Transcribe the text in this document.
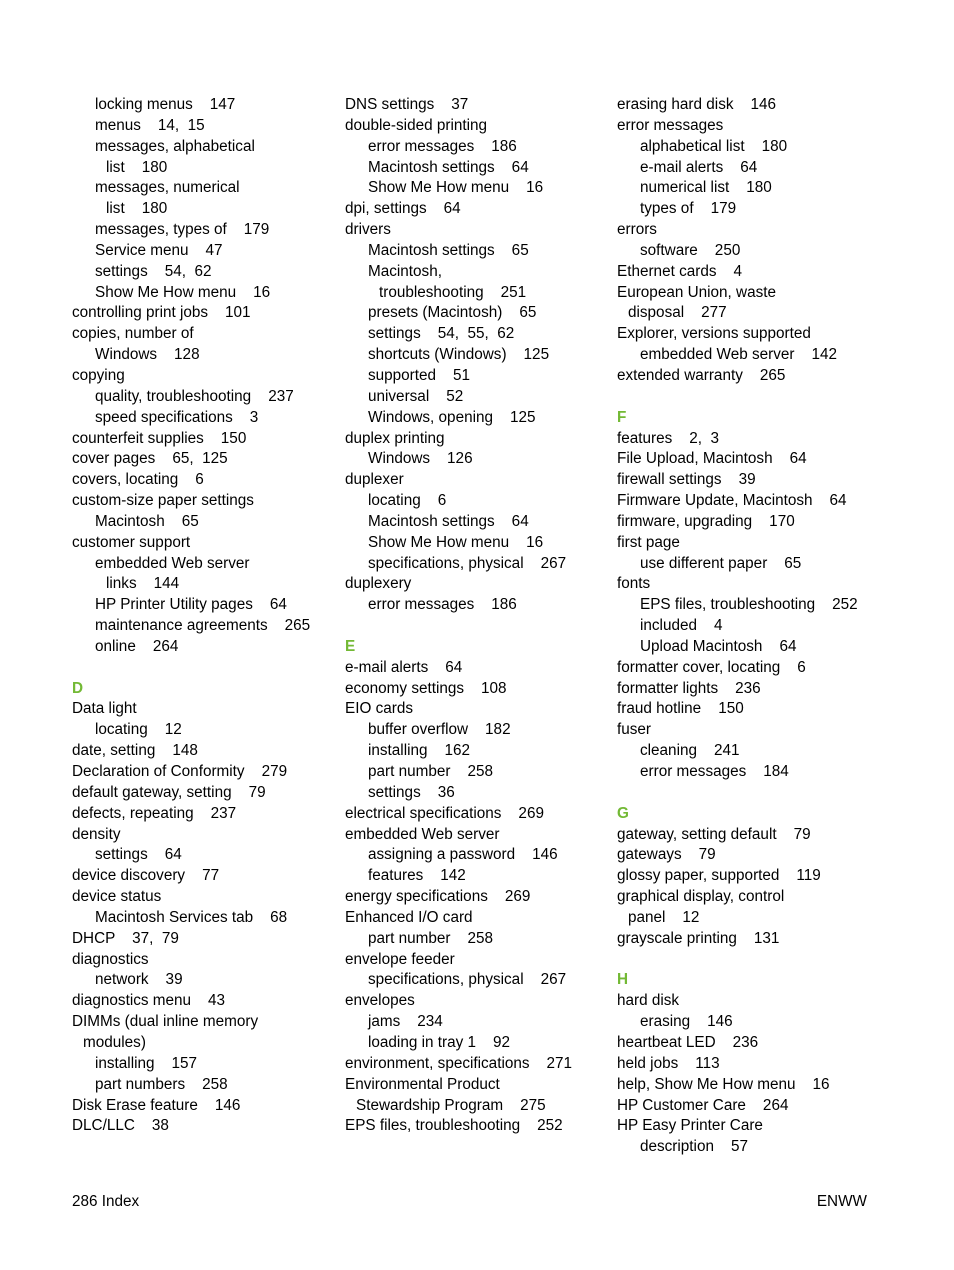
locking menus    147
menus    14,  15
messages, alphabetical
list    180
messages, numerical
list    180
messages, types of    179
Service menu    47
settings    54,  62
Show Me How menu    16
controlling print jobs    101
copies, number of
Windows    128
copying
quality, troubleshooting    237
speed specifications    3
counterfeit supplies    150
cover pages    65,  125
covers, locating    6
custom-size paper settings
Macintosh    65
customer support
embedded Web server
links    144
HP Printer Utility pages    64
maintenance agreements    265
online    264
D
Data light
locating    12
date, setting    148
Declaration of Conformity    279
default gateway, setting    79
defects, repeating    237
density
settings    64
device discovery    77
device status
Macintosh Services tab    68
DHCP    37,  79
diagnostics
network    39
diagnostics menu    43
DIMMs (dual inline memory
modules)
installing    157
part numbers    258
Disk Erase feature    146
DLC/LLC    38
DNS settings    37
double-sided printing
error messages    186
Macintosh settings    64
Show Me How menu    16
dpi, settings    64
drivers
Macintosh settings    65
Macintosh,
troubleshooting    251
presets (Macintosh)    65
settings    54,  55,  62
shortcuts (Windows)    125
supported    51
universal    52
Windows, opening    125
duplex printing
Windows    126
duplexer
locating    6
Macintosh settings    64
Show Me How menu    16
specifications, physical    267
duplexery
error messages    186
E
e-mail alerts    64
economy settings    108
EIO cards
buffer overflow    182
installing    162
part number    258
settings    36
electrical specifications    269
embedded Web server
assigning a password    146
features    142
energy specifications    269
Enhanced I/O card
part number    258
envelope feeder
specifications, physical    267
envelopes
jams    234
loading in tray 1    92
environment, specifications    271
Environmental Product
Stewardship Program    275
EPS files, troubleshooting    252
erasing hard disk    146
error messages
alphabetical list    180
e-mail alerts    64
numerical list    180
types of    179
errors
software    250
Ethernet cards    4
European Union, waste
disposal    277
Explorer, versions supported
embedded Web server    142
extended warranty    265
F
features    2,  3
File Upload, Macintosh    64
firewall settings    39
Firmware Update, Macintosh    64
firmware, upgrading    170
first page
use different paper    65
fonts
EPS files, troubleshooting    252
included    4
Upload Macintosh    64
formatter cover, locating    6
formatter lights    236
fraud hotline    150
fuser
cleaning    241
error messages    184
G
gateway, setting default    79
gateways    79
glossy paper, supported    119
graphical display, control
panel    12
grayscale printing    131
H
hard disk
erasing    146
heartbeat LED    236
held jobs    113
help, Show Me How menu    16
HP Customer Care    264
HP Easy Printer Care
description    57
286 Index	ENWW
